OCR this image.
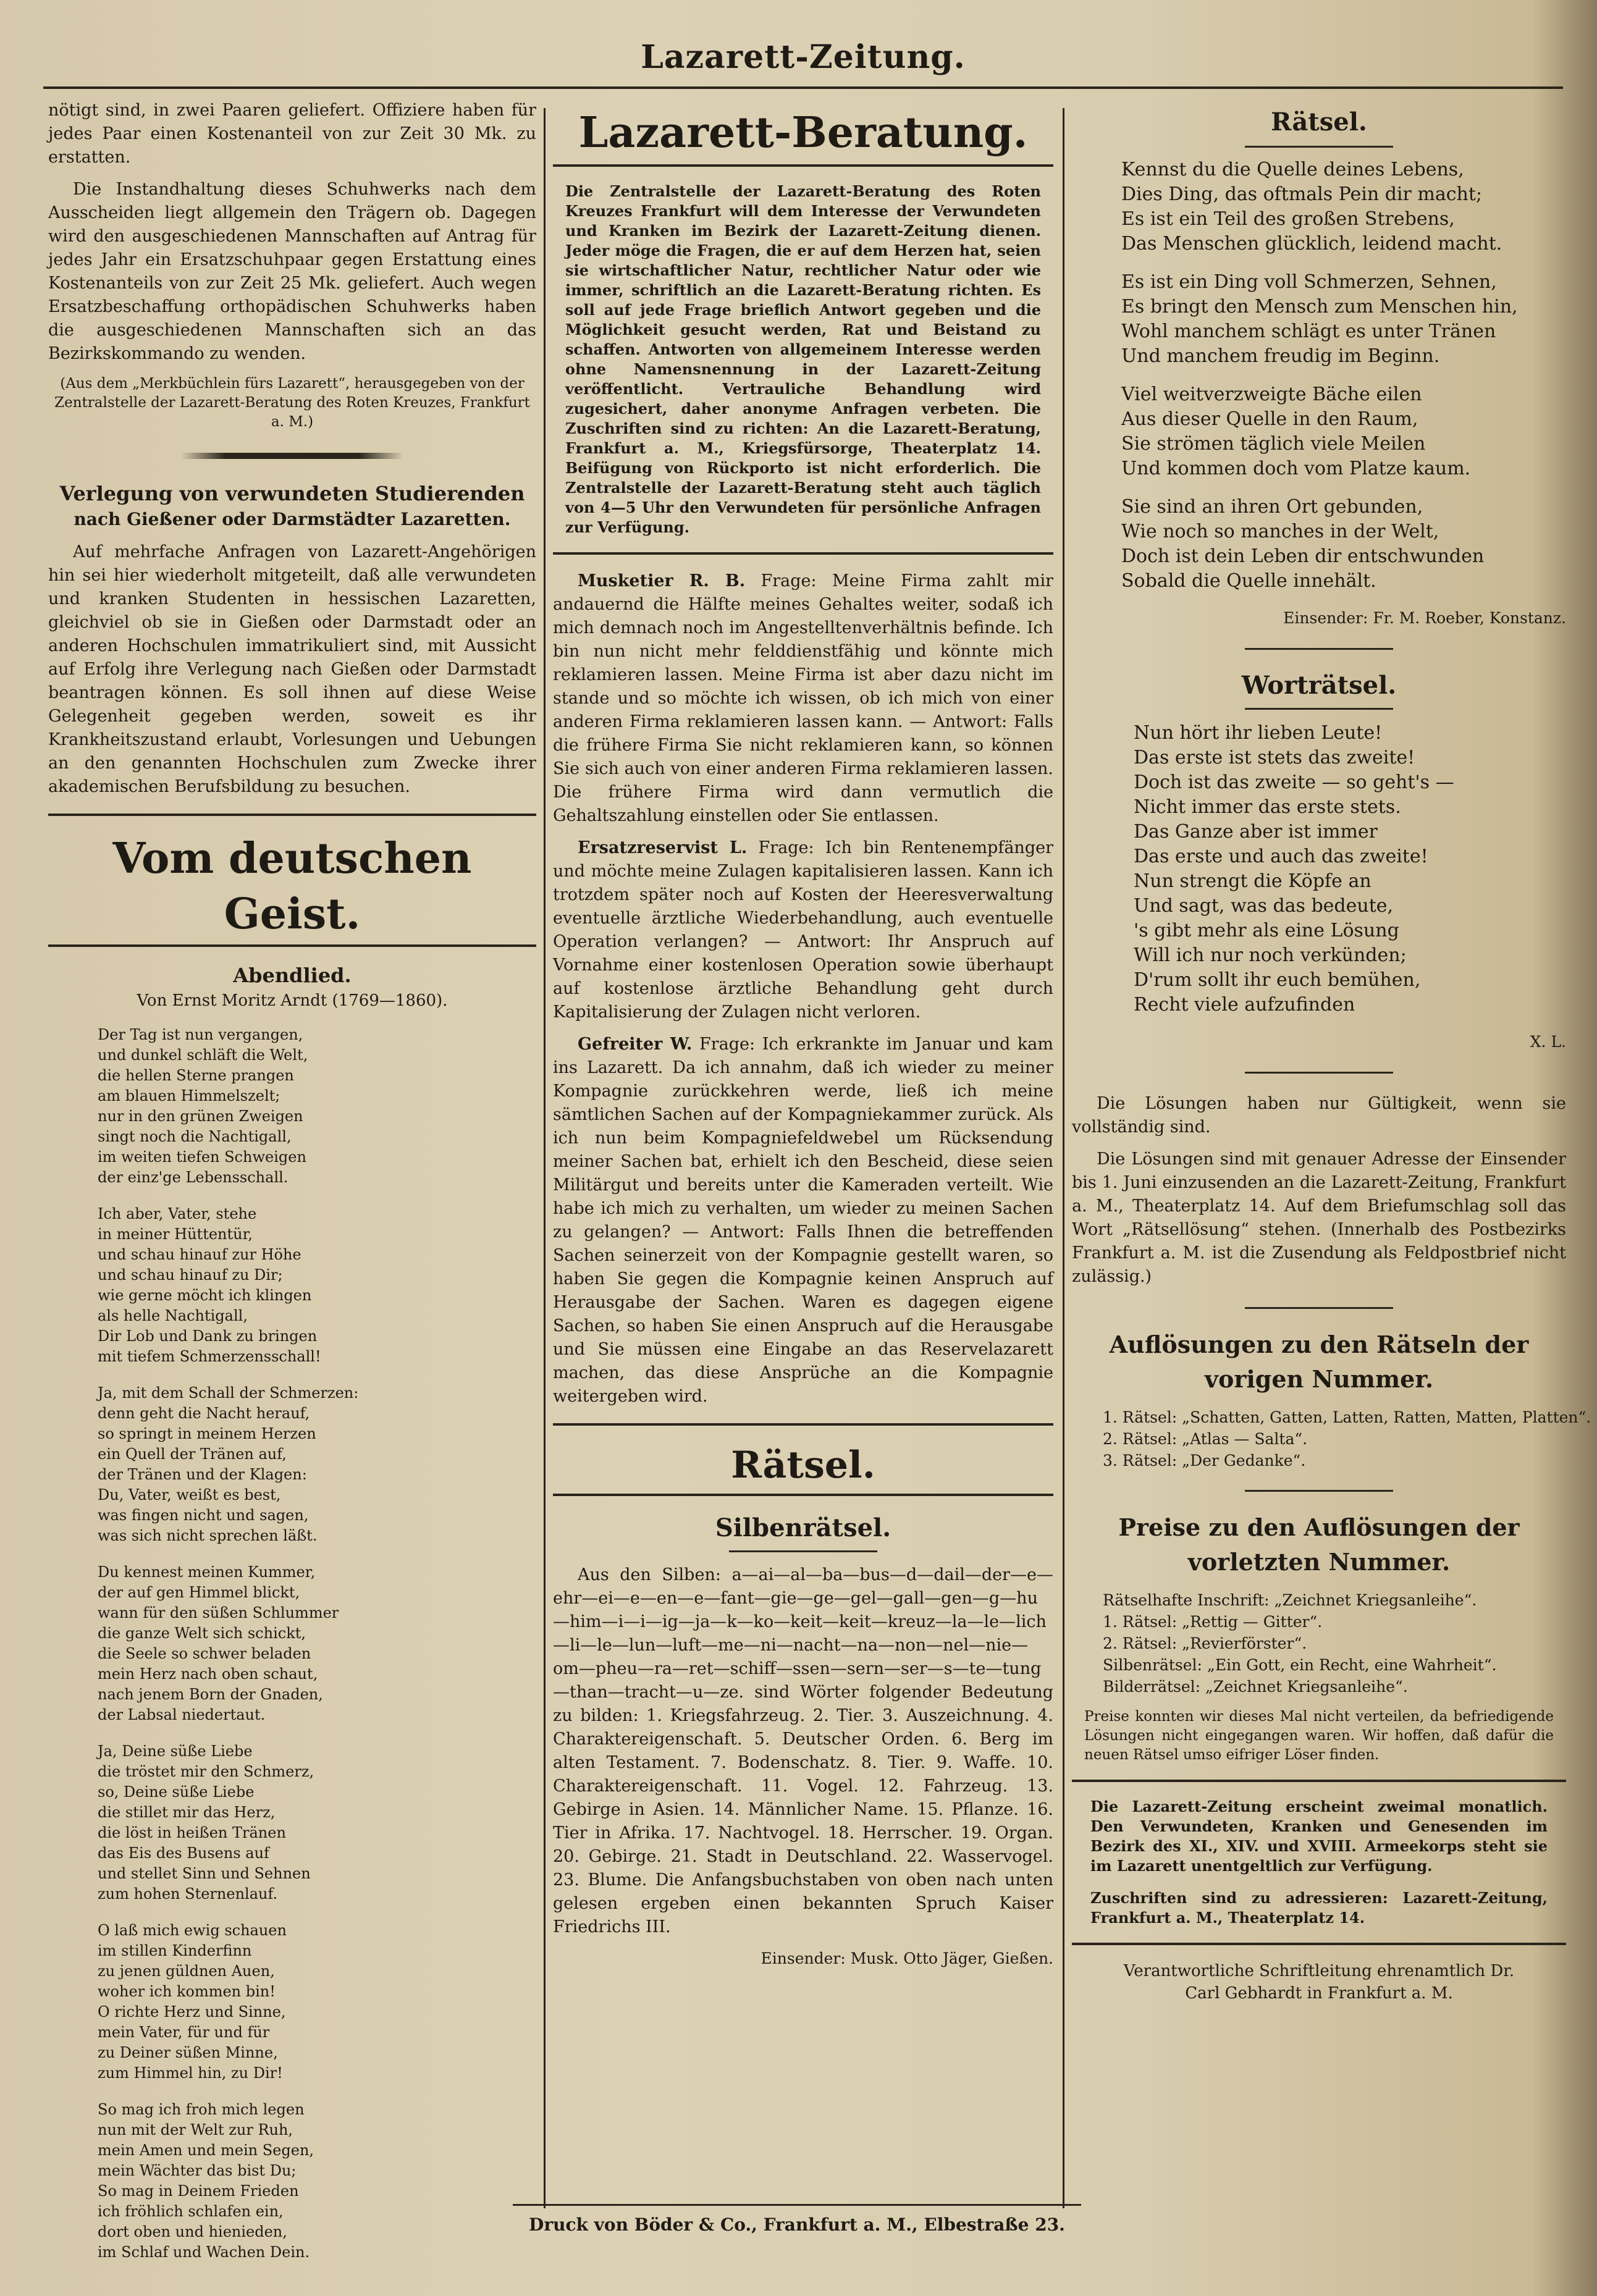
Lazarett-Zeitung.

nötigt sind, in zwei Paaren geliefert. Offiziere haben für jedes Paar einen Kostenanteil von zur Zeit 30 Mk. zu erstatten.

Die Instandhaltung dieses Schuhwerks nach dem Ausscheiden liegt allgemein den Trägern ob. Dagegen wird den ausgeschiedenen Mannschaften auf Antrag für jedes Jahr ein Ersatzschuhpaar gegen Erstattung eines Kostenanteils von zur Zeit 25 Mk. geliefert. Auch wegen Ersatzbeschaffung orthopädischen Schuhwerks haben die ausgeschiedenen Mannschaften sich an das Bezirkskommando zu wenden.

(Aus dem „Merkbüchlein fürs Lazarett“, herausgegeben von der Zentralstelle der Lazarett-Beratung des Roten Kreuzes, Frankfurt a. M.)

Verlegung von verwundeten Studierenden
nach Gießener oder Darmstädter Lazaretten.

Auf mehrfache Anfragen von Lazarett-Angehörigen hin sei hier wiederholt mitgeteilt, daß alle verwundeten und kranken Studenten in hessischen Lazaretten, gleichviel ob sie in Gießen oder Darmstadt oder an anderen Hochschulen immatrikuliert sind, mit Aussicht auf Erfolg ihre Verlegung nach Gießen oder Darmstadt beantragen können. Es soll ihnen auf diese Weise Gelegenheit gegeben werden, soweit es ihr Krankheitszustand erlaubt, Vorlesungen und Uebungen an den genannten Hochschulen zum Zwecke ihrer akademischen Berufsbildung zu besuchen.

Vom deutschen Geist.
Abendlied.

Von Ernst Moritz Arndt (1769—1860).

Der Tag ist nun vergangen,
und dunkel schläft die Welt,
die hellen Sterne prangen
am blauen Himmelszelt;
nur in den grünen Zweigen
singt noch die Nachtigall,
im weiten tiefen Schweigen
der einz'ge Lebensschall.
Ich aber, Vater, stehe
in meiner Hüttentür,
und schau hinauf zur Höhe
und schau hinauf zu Dir;
wie gerne möcht ich klingen
als helle Nachtigall,
Dir Lob und Dank zu bringen
mit tiefem Schmerzensschall!
Ja, mit dem Schall der Schmerzen:
denn geht die Nacht herauf,
so springt in meinem Herzen
ein Quell der Tränen auf,
der Tränen und der Klagen:
Du, Vater, weißt es best,
was fingen nicht und sagen,
was sich nicht sprechen läßt.
Du kennest meinen Kummer,
der auf gen Himmel blickt,
wann für den süßen Schlummer
die ganze Welt sich schickt,
die Seele so schwer beladen
mein Herz nach oben schaut,
nach jenem Born der Gnaden,
der Labsal niedertaut.
Ja, Deine süße Liebe
die tröstet mir den Schmerz,
so, Deine süße Liebe
die stillet mir das Herz,
die löst in heißen Tränen
das Eis des Busens auf
und stellet Sinn und Sehnen
zum hohen Sternenlauf.
O laß mich ewig schauen
im stillen Kinderfinn
zu jenen güldnen Auen,
woher ich kommen bin!
O richte Herz und Sinne,
mein Vater, für und für
zu Deiner süßen Minne,
zum Himmel hin, zu Dir!
So mag ich froh mich legen
nun mit der Welt zur Ruh,
mein Amen und mein Segen,
mein Wächter das bist Du;
So mag in Deinem Frieden
ich fröhlich schlafen ein,
dort oben und hienieden,
im Schlaf und Wachen Dein.
Lazarett-Beratung.

Die Zentralstelle der Lazarett-Beratung des Roten Kreuzes Frankfurt will dem Interesse der Verwundeten und Kranken im Bezirk der Lazarett-Zeitung dienen. Jeder möge die Fragen, die er auf dem Herzen hat, seien sie wirtschaftlicher Natur, rechtlicher Natur oder wie immer, schriftlich an die Lazarett-Beratung richten. Es soll auf jede Frage brieflich Antwort gegeben und die Möglichkeit gesucht werden, Rat und Beistand zu schaffen. Antworten von allgemeinem Interesse werden ohne Namensnennung in der Lazarett-Zeitung veröffentlicht. Vertrauliche Behandlung wird zugesichert, daher anonyme Anfragen verbeten. Die Zuschriften sind zu richten: An die Lazarett-Beratung, Frankfurt a. M., Kriegsfürsorge, Theaterplatz 14. Beifügung von Rückporto ist nicht erforderlich. Die Zentralstelle der Lazarett-Beratung steht auch täglich von 4—5 Uhr den Verwundeten für persönliche Anfragen zur Verfügung.

Musketier R. B. Frage: Meine Firma zahlt mir andauernd die Hälfte meines Gehaltes weiter, sodaß ich mich demnach noch im Angestelltenverhältnis befinde. Ich bin nun nicht mehr felddienstfähig und könnte mich reklamieren lassen. Meine Firma ist aber dazu nicht im stande und so möchte ich wissen, ob ich mich von einer anderen Firma reklamieren lassen kann. — Antwort: Falls die frühere Firma Sie nicht reklamieren kann, so können Sie sich auch von einer anderen Firma reklamieren lassen. Die frühere Firma wird dann vermutlich die Gehaltszahlung einstellen oder Sie entlassen.

Ersatzreservist L. Frage: Ich bin Rentenempfänger und möchte meine Zulagen kapitalisieren lassen. Kann ich trotzdem später noch auf Kosten der Heeresverwaltung eventuelle ärztliche Wiederbehandlung, auch eventuelle Operation verlangen? — Antwort: Ihr Anspruch auf Vornahme einer kostenlosen Operation sowie überhaupt auf kostenlose ärztliche Behandlung geht durch Kapitalisierung der Zulagen nicht verloren.

Gefreiter W. Frage: Ich erkrankte im Januar und kam ins Lazarett. Da ich annahm, daß ich wieder zu meiner Kompagnie zurückkehren werde, ließ ich meine sämtlichen Sachen auf der Kompagniekammer zurück. Als ich nun beim Kompagniefeldwebel um Rücksendung meiner Sachen bat, erhielt ich den Bescheid, diese seien Militärgut und bereits unter die Kameraden verteilt. Wie habe ich mich zu verhalten, um wieder zu meinen Sachen zu gelangen? — Antwort: Falls Ihnen die betreffenden Sachen seinerzeit von der Kompagnie gestellt waren, so haben Sie gegen die Kompagnie keinen Anspruch auf Herausgabe der Sachen. Waren es dagegen eigene Sachen, so haben Sie einen Anspruch auf die Herausgabe und Sie müssen eine Eingabe an das Reservelazarett machen, das diese Ansprüche an die Kompagnie weitergeben wird.

Rätsel.
Silbenrätsel.

Aus den Silben: a—ai—al—ba—bus—d—dail—der—e—ehr—ei—e—en—e—fant—gie—ge—gel—gall—gen—g—hu—him—i—i—ig—ja—k—ko—keit—keit—kreuz—la—le—lich—li—le—lun—luft—me—ni—nacht—na—non—nel—nie—om—pheu—ra—ret—schiff—ssen—sern—ser—s—te—tung—than—tracht—u—ze. sind Wörter folgender Bedeutung zu bilden: 1. Kriegsfahrzeug. 2. Tier. 3. Auszeichnung. 4. Charaktereigenschaft. 5. Deutscher Orden. 6. Berg im alten Testament. 7. Bodenschatz. 8. Tier. 9. Waffe. 10. Charaktereigenschaft. 11. Vogel. 12. Fahrzeug. 13. Gebirge in Asien. 14. Männlicher Name. 15. Pflanze. 16. Tier in Afrika. 17. Nachtvogel. 18. Herrscher. 19. Organ. 20. Gebirge. 21. Stadt in Deutschland. 22. Wasservogel. 23. Blume. Die Anfangsbuchstaben von oben nach unten gelesen ergeben einen bekannten Spruch Kaiser Friedrichs III.

Einsender: Musk. Otto Jäger, Gießen.

Rätsel.
Kennst du die Quelle deines Lebens,
Dies Ding, das oftmals Pein dir macht;
Es ist ein Teil des großen Strebens,
Das Menschen glücklich, leidend macht.
Es ist ein Ding voll Schmerzen, Sehnen,
Es bringt den Mensch zum Menschen hin,
Wohl manchem schlägt es unter Tränen
Und manchem freudig im Beginn.
Viel weitverzweigte Bäche eilen
Aus dieser Quelle in den Raum,
Sie strömen täglich viele Meilen
Und kommen doch vom Platze kaum.
Sie sind an ihren Ort gebunden,
Wie noch so manches in der Welt,
Doch ist dein Leben dir entschwunden
Sobald die Quelle innehält.

Einsender: Fr. M. Roeber, Konstanz.

Worträtsel.
Nun hört ihr lieben Leute!
Das erste ist stets das zweite!
Doch ist das zweite — so geht's —
Nicht immer das erste stets.
Das Ganze aber ist immer
Das erste und auch das zweite!
Nun strengt die Köpfe an
Und sagt, was das bedeute,
's gibt mehr als eine Lösung
Will ich nur noch verkünden;
D'rum sollt ihr euch bemühen,
Recht viele aufzufinden

X. L.

Die Lösungen haben nur Gültigkeit, wenn sie vollständig sind.

Die Lösungen sind mit genauer Adresse der Einsender bis 1. Juni einzusenden an die Lazarett-Zeitung, Frankfurt a. M., Theaterplatz 14. Auf dem Briefumschlag soll das Wort „Rätsellösung“ stehen. (Innerhalb des Postbezirks Frankfurt a. M. ist die Zusendung als Feldpostbrief nicht zulässig.)

Auflösungen zu den Rätseln der vorigen Nummer.
1. Rätsel: „Schatten, Gatten, Latten, Ratten, Matten, Platten“.
2. Rätsel: „Atlas — Salta“.
3. Rätsel: „Der Gedanke“.
Preise zu den Auflösungen der vorletzten Nummer.
Rätselhafte Inschrift: „Zeichnet Kriegsanleihe“.
1. Rätsel: „Rettig — Gitter“.
2. Rätsel: „Revierförster“.
Silbenrätsel: „Ein Gott, ein Recht, eine Wahrheit“.
Bilderrätsel: „Zeichnet Kriegsanleihe“.

Preise konnten wir dieses Mal nicht verteilen, da befriedigende Lösungen nicht eingegangen waren. Wir hoffen, daß dafür die neuen Rätsel umso eifriger Löser finden.

Die Lazarett-Zeitung erscheint zweimal monatlich. Den Verwundeten, Kranken und Genesenden im Bezirk des XI., XIV. und XVIII. Armeekorps steht sie im Lazarett unentgeltlich zur Verfügung.

Zuschriften sind zu adressieren: Lazarett-Zeitung, Frankfurt a. M., Theaterplatz 14.

Verantwortliche Schriftleitung ehrenamtlich Dr. Carl Gebhardt in Frankfurt a. M.

Druck von Böder & Co., Frankfurt a. M., Elbestraße 23.
